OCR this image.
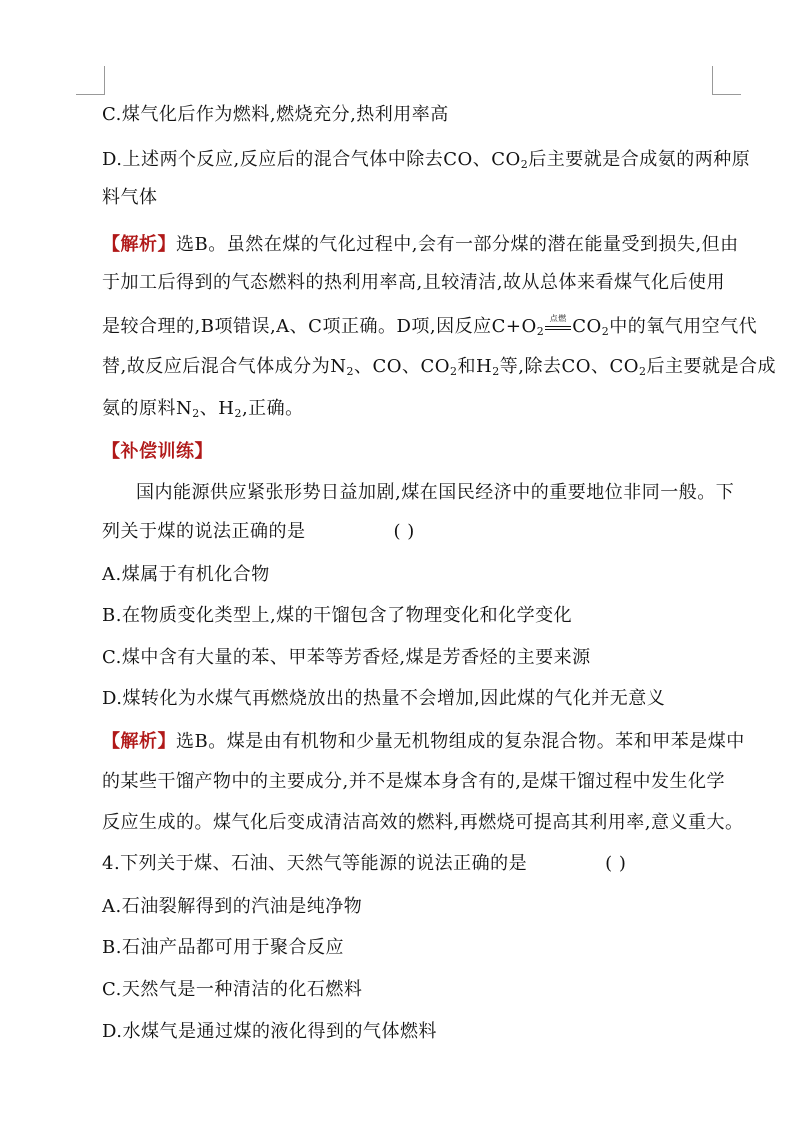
C.煤气化后作为燃料,燃烧充分,热利用率高
D.上述两个反应,反应后的混合气体中除去CO、$CO_2$后主要就是合成氨的两种原
料气体
【解析】选B。虽然在煤的气化过程中,会有一部分煤的潜在能量受到损失,但由
于加工后得到的气态燃料的热利用率高,且较清洁,故从总体来看煤气化后使用
是较合理的,B项错误,A、C项正确。D项,因反应$C+O_2$
点燃 $CO_2$中的氧气用空气代
替,故反应后混合气体成分为$N_2$、CO、$CO_2$和$H_2$等,除去CO、$CO_2$后主要就是合成
氨的原料$N_2$、$H_2$,正确。
【补偿训练】
国内能源供应紧张形势日益加剧,煤在国民经济中的重要地位非同一般。下
列关于煤的说法正确的是	( )
A.煤属于有机化合物
B.在物质变化类型上,煤的干馏包含了物理变化和化学变化
C.煤中含有大量的苯、甲苯等芳香烃,煤是芳香烃的主要来源
D.煤转化为水煤气再燃烧放出的热量不会增加,因此煤的气化并无意义
【解析】选B。煤是由有机物和少量无机物组成的复杂混合物。苯和甲苯是煤中
的某些干馏产物中的主要成分,并不是煤本身含有的,是煤干馏过程中发生化学
反应生成的。煤气化后变成清洁高效的燃料,再燃烧可提高其利用率,意义重大。
4.下列关于煤、石油、天然气等能源的说法正确的是	( )
A.石油裂解得到的汽油是纯净物
B.石油产品都可用于聚合反应
C.天然气是一种清洁的化石燃料
D.水煤气是通过煤的液化得到的气体燃料
